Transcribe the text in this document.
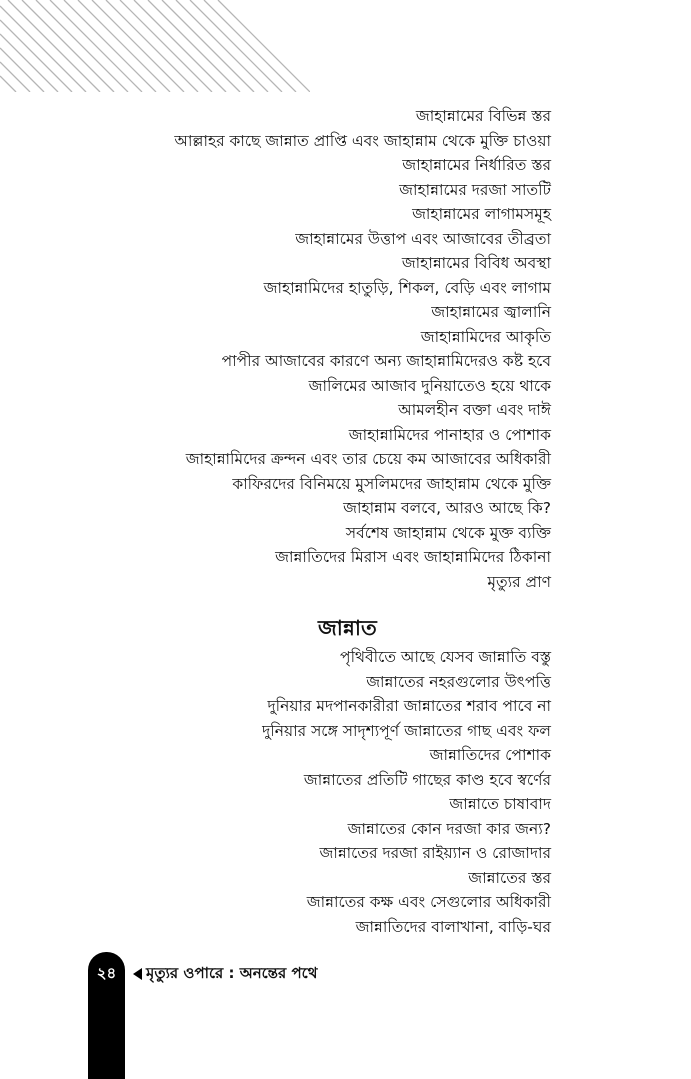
জাহান্নামের বিভিন্ন স্তর
আল্লাহর কাছে জান্নাত প্রাপ্তি এবং জাহান্নাম থেকে মুক্তি চাওয়া
জাহান্নামের নির্ধারিত স্তর
জাহান্নামের দরজা সাতটি
জাহান্নামের লাগামসমূহ
জাহান্নামের উত্তাপ এবং আজাবের তীব্রতা
জাহান্নামের বিবিধ অবস্থা
জাহান্নামিদের হাতুড়ি, শিকল, বেড়ি এবং লাগাম
জাহান্নামের জ্বালানি
জাহান্নামিদের আকৃতি
পাপীর আজাবের কারণে অন্য জাহান্নামিদেরও কষ্ট হবে
জালিমের আজাব দুনিয়াতেও হয়ে থাকে
আমলহীন বক্তা এবং দাঈ
জাহান্নামিদের পানাহার ও পোশাক
জাহান্নামিদের ক্রন্দন এবং তার চেয়ে কম আজাবের অধিকারী
কাফিরদের বিনিময়ে মুসলিমদের জাহান্নাম থেকে মুক্তি
জাহান্নাম বলবে, আরও আছে কি?
সর্বশেষ জাহান্নাম থেকে মুক্ত ব্যক্তি
জান্নাতিদের মিরাস এবং জাহান্নামিদের ঠিকানা
মৃত্যুর প্রাণ
জান্নাত
পৃথিবীতে আছে যেসব জান্নাতি বস্তু
জান্নাতের নহরগুলোর উৎপত্তি
দুনিয়ার মদপানকারীরা জান্নাতের শরাব পাবে না
দুনিয়ার সঙ্গে সাদৃশ্যপূর্ণ জান্নাতের গাছ এবং ফল
জান্নাতিদের পোশাক
জান্নাতের প্রতিটি গাছের কাণ্ড হবে স্বর্ণের
জান্নাতে চাষাবাদ
জান্নাতের কোন দরজা কার জন্য?
জান্নাতের দরজা রাইয়্যান ও রোজাদার
জান্নাতের স্তর
জান্নাতের কক্ষ এবং সেগুলোর অধিকারী
জান্নাতিদের বালাখানা, বাড়ি-ঘর
২৪	মৃত্যুর ওপারে : অনন্তের পথে
